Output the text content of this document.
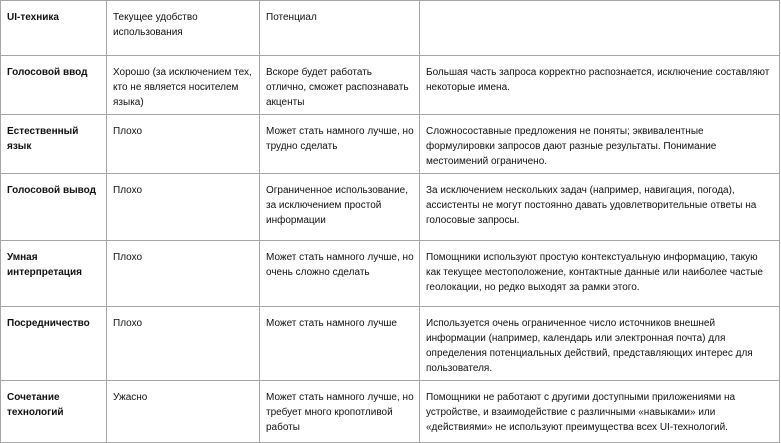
UI-техника	Текущее удобство использования	Потенциал	
Голосовой ввод	Хорошо (за исключением тех, кто не является носителем языка)	Вскоре будет работать отлично, сможет распознавать акценты	Большая часть запроса корректно распознается, исключение составляют некоторые имена.
Естественный язык	Плохо	Может стать намного лучше, но трудно сделать	Сложносоставные предложения не поняты; эквивалентные формулировки запросов дают разные результаты. Понимание местоимений ограничено.
Голосовой вывод	Плохо	Ограниченное использование, за исключением простой информации	За исключением нескольких задач (например, навигация, погода), ассистенты не могут постоянно давать удовлетворительные ответы на голосовые запросы.
Умная интерпретация	Плохо	Может стать намного лучше, но очень сложно сделать	Помощники используют простую контекстуальную информацию, такую как текущее местоположение, контактные данные или наиболее частые геолокации, но редко выходят за рамки этого.
Посредничество	Плохо	Может стать намного лучше	Используется очень ограниченное число источников внешней информации (например, календарь или электронная почта) для определения потенциальных действий, представляющих интерес для пользователя.
Сочетание технологий	Ужасно	Может стать намного лучше, но требует много кропотливой работы	Помощники не работают с другими доступными приложениями на устройстве, и взаимодействие с различными «навыками» или «действиями» не используют преимущества всех UI-технологий.
